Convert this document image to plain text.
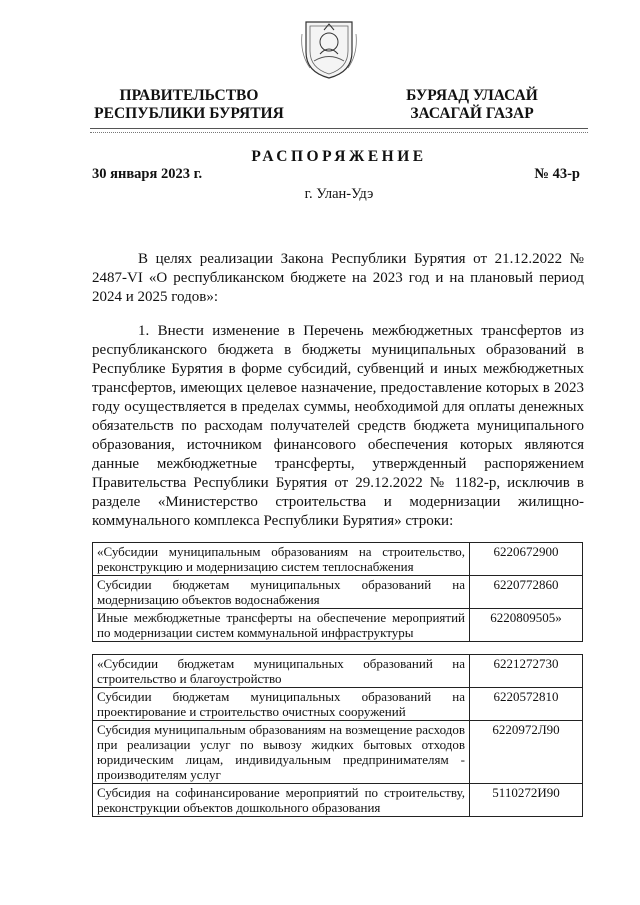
ПРАВИТЕЛЬСТВО
РЕСПУБЛИКИ БУРЯТИЯ
БУРЯАД УЛАСАЙ
ЗАСАГАЙ ГАЗАР
РАСПОРЯЖЕНИЕ
30 января 2023 г.	№ 43-р
г. Улан-Удэ

В целях реализации Закона Республики Бурятия от 21.12.2022 № 2487-VI «О республиканском бюджете на 2023 год и на плановый период 2024 и 2025 годов»:

1. Внести изменение в Перечень межбюджетных трансфертов из республиканского бюджета в бюджеты муниципальных образований в Республике Бурятия в форме субсидий, субвенций и иных межбюджетных трансфертов, имеющих целевое назначение, предоставление которых в 2023 году осуществляется в пределах суммы, необходимой для оплаты денежных обязательств по расходам получателей средств бюджета муниципального образования, источником финансового обеспечения которых являются данные межбюджетные трансферты, утвержденный распоряжением Правительства Республики Бурятия от 29.12.2022 № 1182-р, исключив в разделе «Министерство строительства и модернизации жилищно-коммунального комплекса Республики Бурятия» строки:

«Субсидии муниципальным образованиям на строительство, реконструкцию и модернизацию систем теплоснабжения	6220672900
Субсидии бюджетам муниципальных образований на модернизацию объектов водоснабжения	6220772860
Иные межбюджетные трансферты на обеспечение мероприятий по модернизации систем коммунальной инфраструктуры	6220809505»
«Субсидии бюджетам муниципальных образований на строительство и благоустройство	6221272730
Субсидии бюджетам муниципальных образований на проектирование и строительство очистных сооружений	6220572810
Субсидия муниципальным образованиям на возмещение расходов при реализации услуг по вывозу жидких бытовых отходов юридическим лицам, индивидуальным предпринимателям - производителям услуг	6220972Л90
Субсидия на софинансирование мероприятий по строительству, реконструкции объектов дошкольного образования	5110272И90
